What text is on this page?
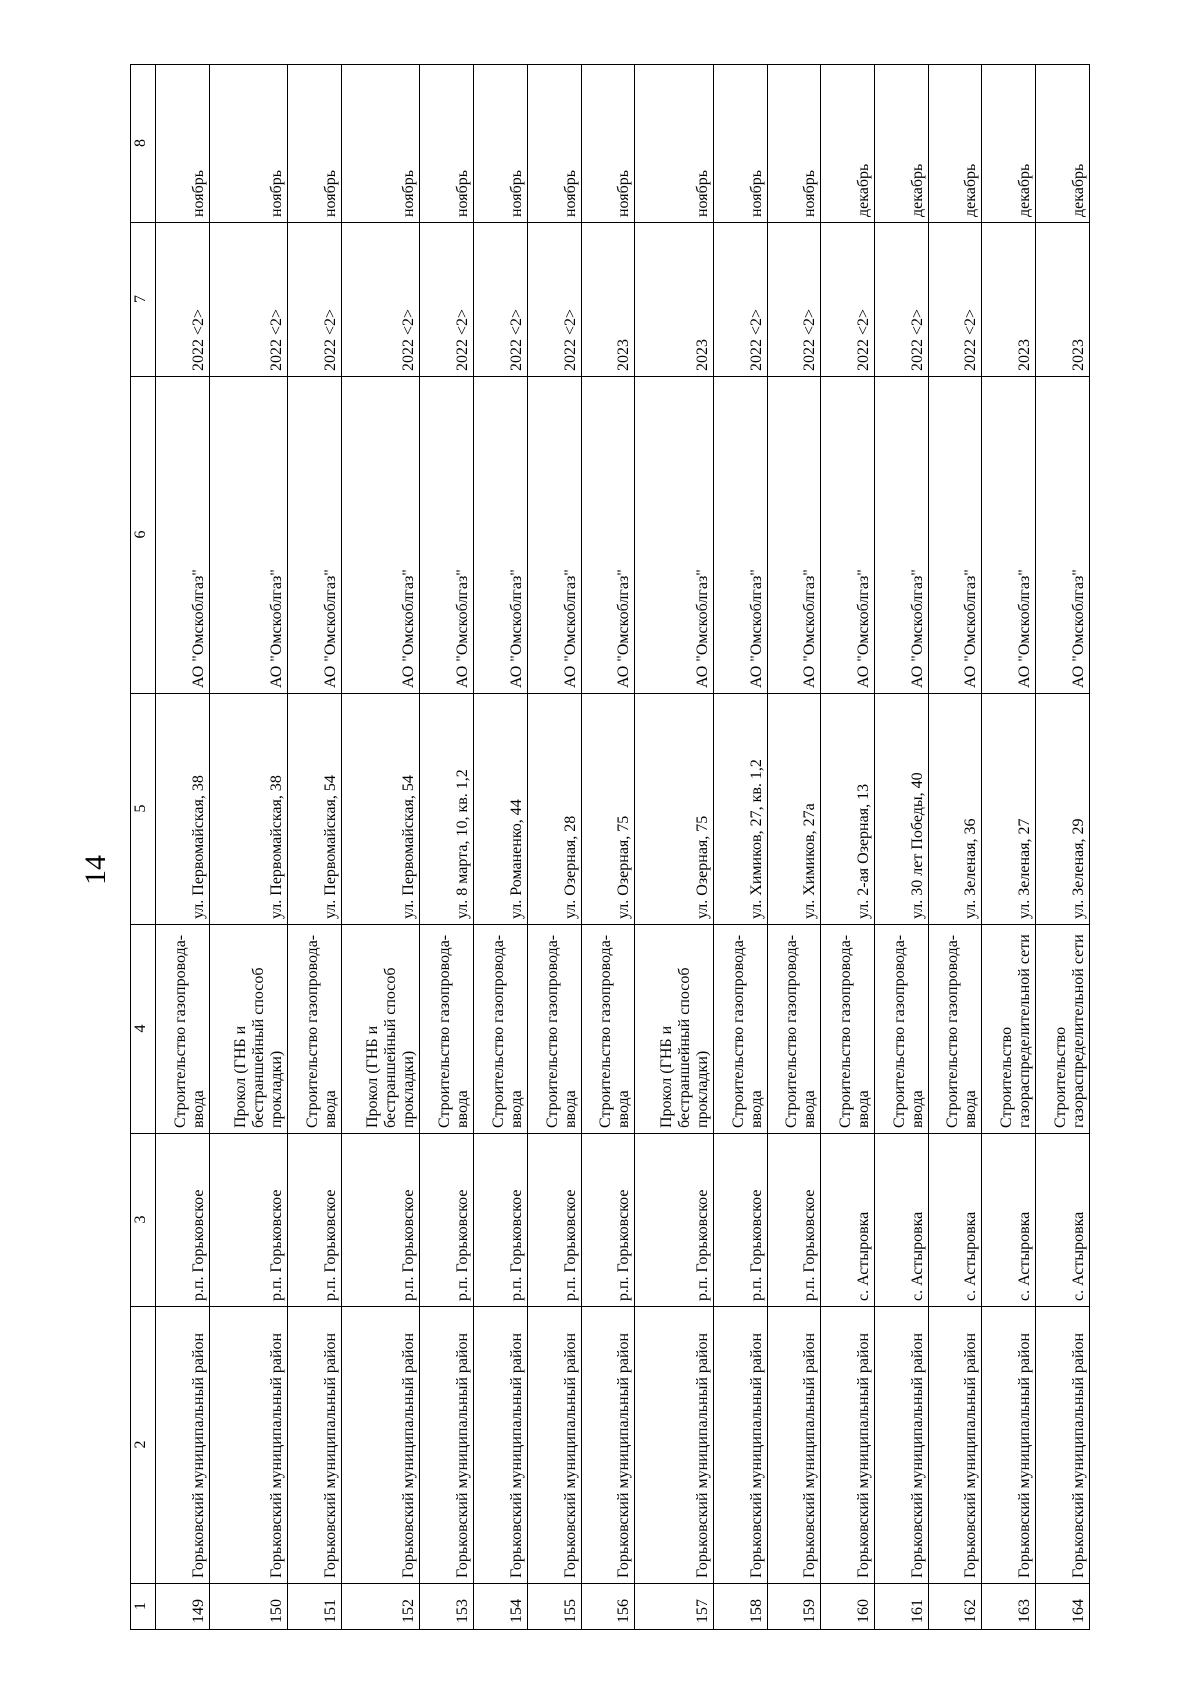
14
1	2	3	4	5	6	7	8
149	Горьковский муниципальный район	р.п. Горьковское	Строительство газопровода-ввода	ул. Первомайская, 38	АО "Омскоблгаз"	2022 <2>	ноябрь
150	Горьковский муниципальный район	р.п. Горьковское	Прокол (ГНБ и бестраншейный способ прокладки)	ул. Первомайская, 38	АО "Омскоблгаз"	2022 <2>	ноябрь
151	Горьковский муниципальный район	р.п. Горьковское	Строительство газопровода-ввода	ул. Первомайская, 54	АО "Омскоблгаз"	2022 <2>	ноябрь
152	Горьковский муниципальный район	р.п. Горьковское	Прокол (ГНБ и бестраншейный способ прокладки)	ул. Первомайская, 54	АО "Омскоблгаз"	2022 <2>	ноябрь
153	Горьковский муниципальный район	р.п. Горьковское	Строительство газопровода-ввода	ул. 8 марта, 10, кв. 1,2	АО "Омскоблгаз"	2022 <2>	ноябрь
154	Горьковский муниципальный район	р.п. Горьковское	Строительство газопровода-ввода	ул. Романенко, 44	АО "Омскоблгаз"	2022 <2>	ноябрь
155	Горьковский муниципальный район	р.п. Горьковское	Строительство газопровода-ввода	ул. Озерная, 28	АО "Омскоблгаз"	2022 <2>	ноябрь
156	Горьковский муниципальный район	р.п. Горьковское	Строительство газопровода-ввода	ул. Озерная, 75	АО "Омскоблгаз"	2023	ноябрь
157	Горьковский муниципальный район	р.п. Горьковское	Прокол (ГНБ и бестраншейный способ прокладки)	ул. Озерная, 75	АО "Омскоблгаз"	2023	ноябрь
158	Горьковский муниципальный район	р.п. Горьковское	Строительство газопровода-ввода	ул. Химиков, 27, кв. 1,2	АО "Омскоблгаз"	2022 <2>	ноябрь
159	Горьковский муниципальный район	р.п. Горьковское	Строительство газопровода-ввода	ул. Химиков, 27а	АО "Омскоблгаз"	2022 <2>	ноябрь
160	Горьковский муниципальный район	с. Астыровка	Строительство газопровода-ввода	ул. 2-ая Озерная, 13	АО "Омскоблгаз"	2022 <2>	декабрь
161	Горьковский муниципальный район	с. Астыровка	Строительство газопровода-ввода	ул. 30 лет Победы, 40	АО "Омскоблгаз"	2022 <2>	декабрь
162	Горьковский муниципальный район	с. Астыровка	Строительство газопровода-ввода	ул. Зеленая, 36	АО "Омскоблгаз"	2022 <2>	декабрь
163	Горьковский муниципальный район	с. Астыровка	Строительство газораспределительной сети	ул. Зеленая, 27	АО "Омскоблгаз"	2023	декабрь
164	Горьковский муниципальный район	с. Астыровка	Строительство газораспределительной сети	ул. Зеленая, 29	АО "Омскоблгаз"	2023	декабрь
